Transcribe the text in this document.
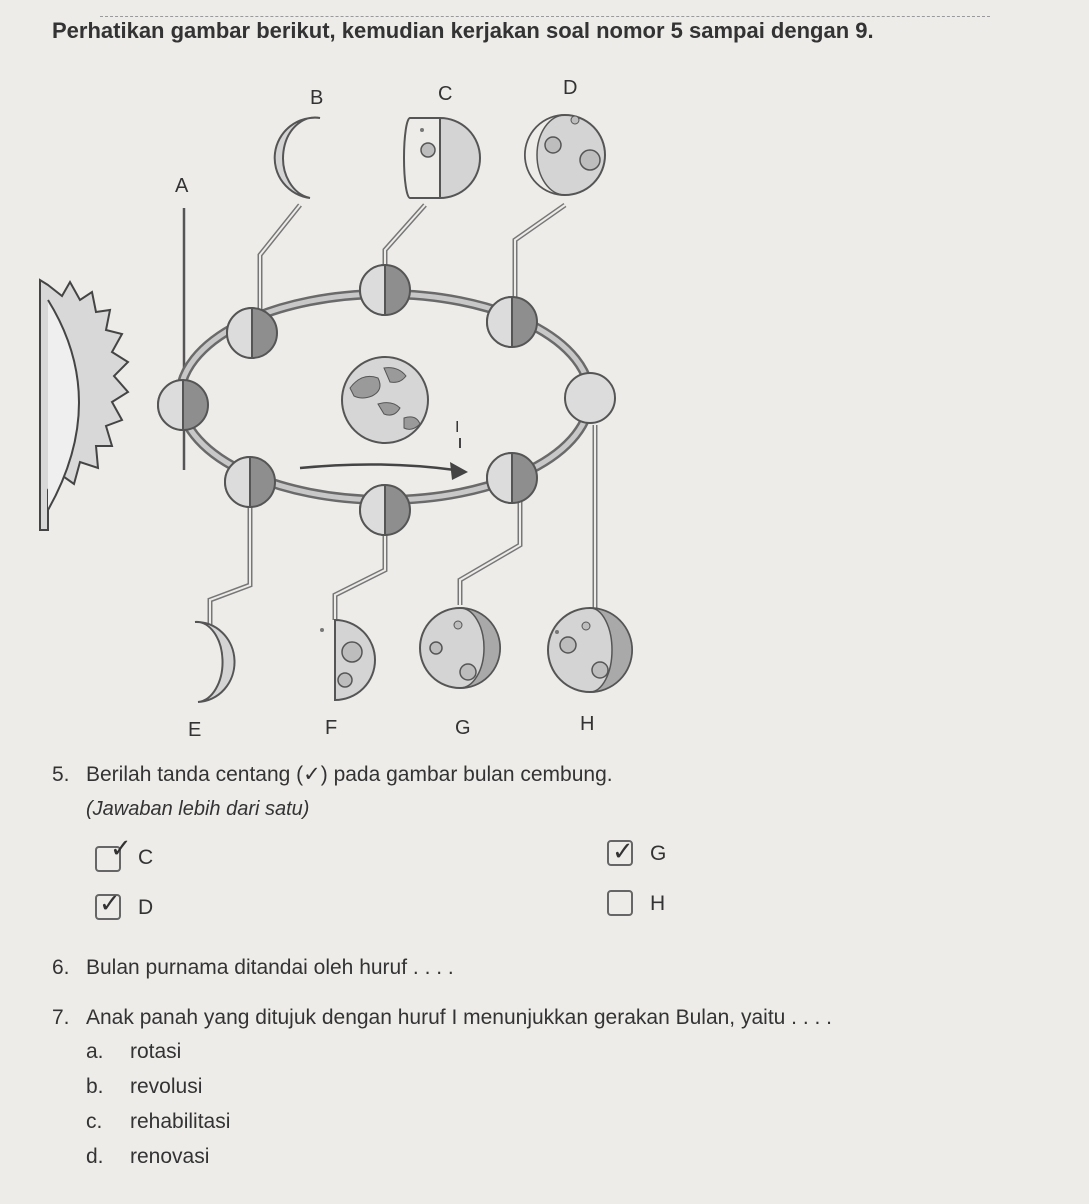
Perhatikan gambar berikut, kemudian kerjakan soal nomor 5 sampai dengan 9.
A
B	C	D
E	F	G	H
I
5. Berilah tanda centang (✓) pada gambar bulan cembung.
(Jawaban lebih dari satu)
✓ C	✓ G
✓ D	H
6. Bulan purnama ditandai oleh huruf . . . .
7. Anak panah yang ditujuk dengan huruf I menunjukkan gerakan Bulan, yaitu . . . .
a. rotasi
b. revolusi
c. rehabilitasi
d. renovasi
